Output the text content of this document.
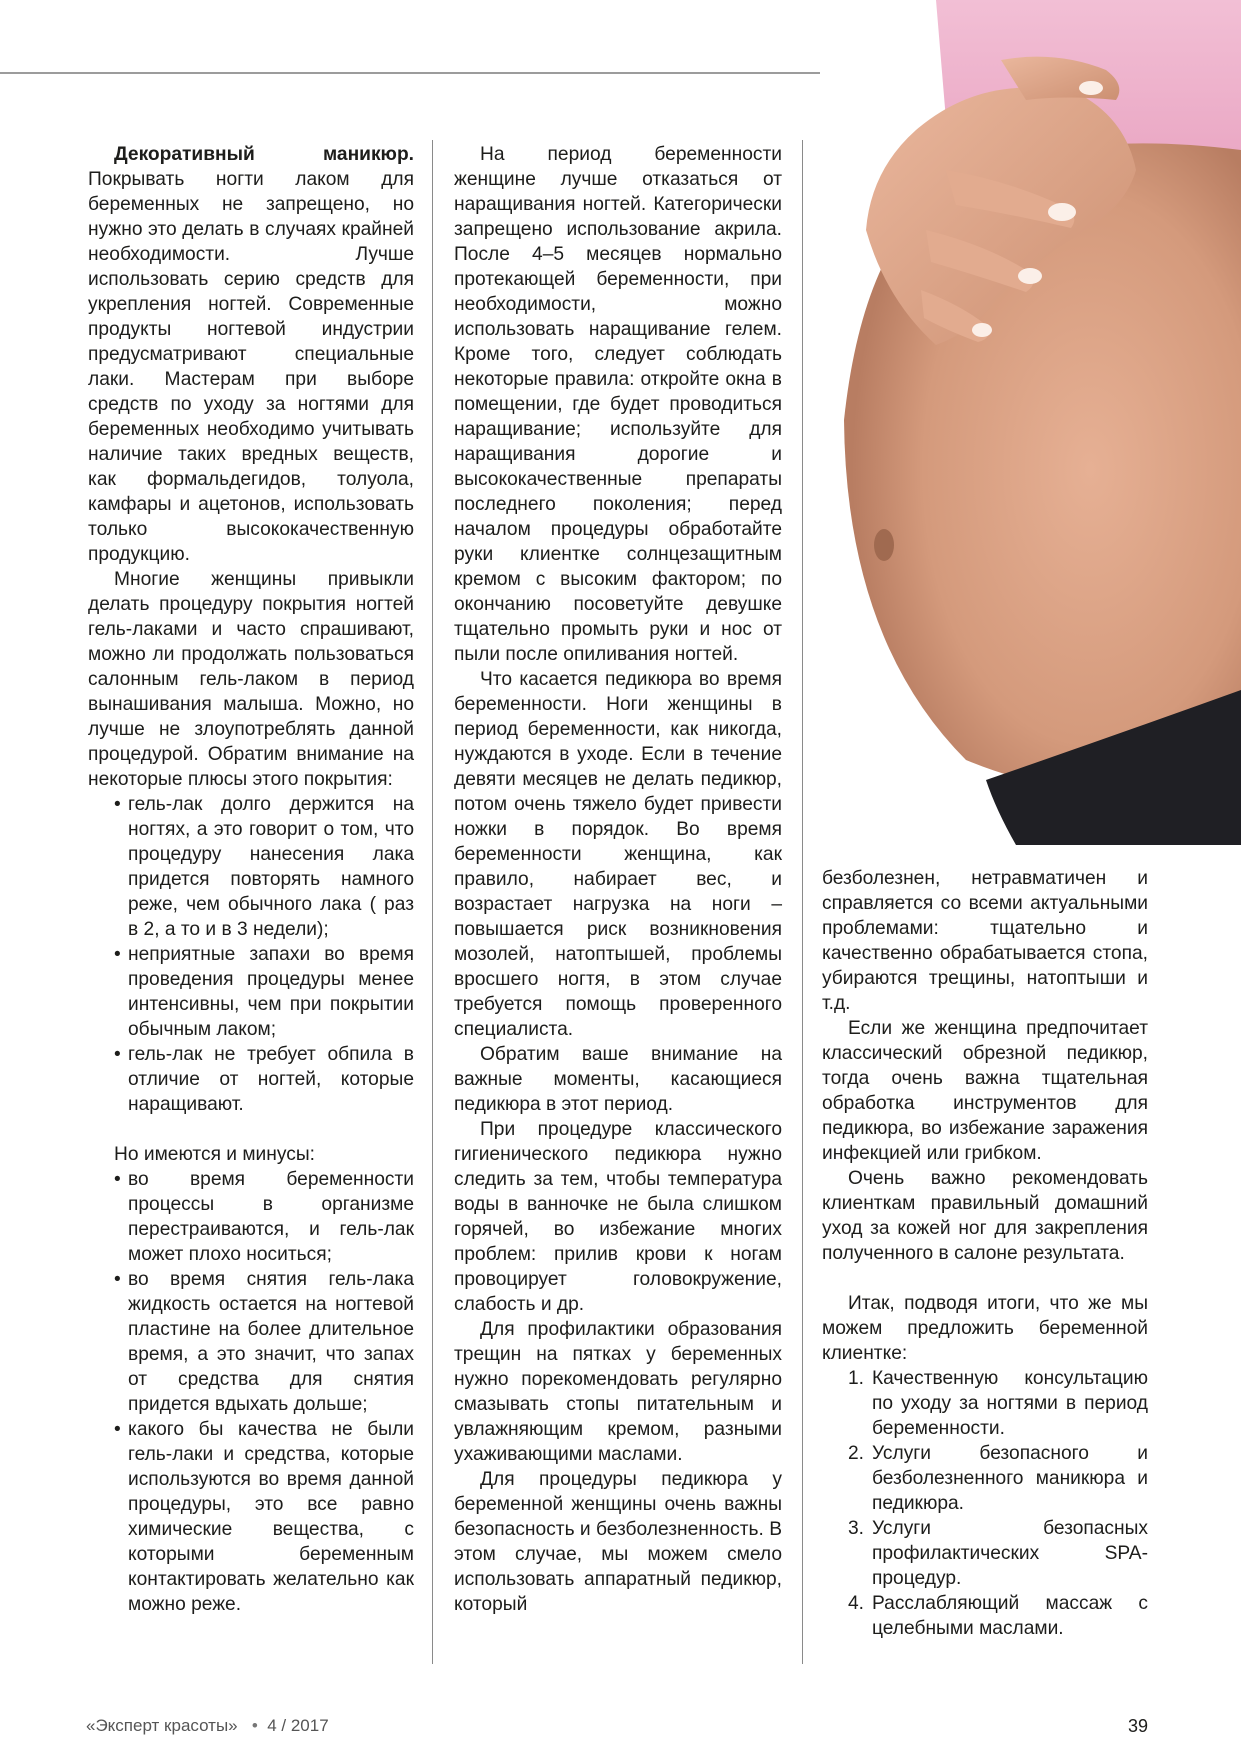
Декоративный маникюр. Покрывать ногти лаком для беременных не запрещено, но нужно это делать в случаях крайней необходимости. Лучше использовать серию средств для укрепления ногтей. Современные продукты ногтевой индустрии предусматривают специальные лаки. Мастерам при выборе средств по уходу за ногтями для беременных необходимо учитывать наличие таких вредных веществ, как формальдегидов, толуола, камфары и ацетонов, использовать только высококачественную продукцию.

Многие женщины привыкли делать процедуру покрытия ногтей гель-лаками и часто спрашивают, можно ли продолжать пользоваться салонным гель-лаком в период вынашивания малыша. Можно, но лучше не злоупотреблять данной процедурой. Обратим внимание на некоторые плюсы этого покрытия:

• гель-лак долго держится на ногтях, а это говорит о том, что процедуру нанесения лака придется повторять намного реже, чем обычного лака ( раз в 2, а то и в 3 недели);
• неприятные запахи во время проведения процедуры менее интенсивны, чем при покрытии обычным лаком;
• гель-лак не требует обпила в отличие от ногтей, которые наращивают.

Но имеются и минусы:

• во время беременности процессы в организме перестраиваются, и гель-лак может плохо носиться;
• во время снятия гель-лака жидкость остается на ногтевой пластине на более длительное время, а это значит, что запах от средства для снятия придется вдыхать дольше;
• какого бы качества не были гель-лаки и средства, которые используются во время данной процедуры, это все равно химические вещества, с которыми беременным контактировать желательно как можно реже.

На период беременности женщине лучше отказаться от наращивания ногтей. Категорически запрещено использование акрила. После 4–5 месяцев нормально протекающей беременности, при необходимости, можно использовать наращивание гелем. Кроме того, следует соблюдать некоторые правила: откройте окна в помещении, где будет проводиться наращивание; используйте для наращивания дорогие и высококачественные препараты последнего поколения; перед началом процедуры обработайте руки клиентке солнцезащитным кремом с высоким фактором; по окончанию посоветуйте девушке тщательно промыть руки и нос от пыли после опиливания ногтей.

Что касается педикюра во время беременности. Ноги женщины в период беременности, как никогда, нуждаются в уходе. Если в течение девяти месяцев не делать педикюр, потом очень тяжело будет привести ножки в порядок. Во время беременности женщина, как правило, набирает вес, и возрастает нагрузка на ноги – повышается риск возникновения мозолей, натоптышей, проблемы вросшего ногтя, в этом случае требуется помощь проверенного специалиста.

Обратим ваше внимание на важные моменты, касающиеся педикюра в этот период.

При процедуре классического гигиенического педикюра нужно следить за тем, чтобы температура воды в ванночке не была слишком горячей, во избежание многих проблем: прилив крови к ногам провоцирует головокружение, слабость и др.

Для профилактики образования трещин на пятках у беременных нужно порекомендовать регулярно смазывать стопы питательным и увлажняющим кремом, разными ухаживающими маслами.

Для процедуры педикюра у беременной женщины очень важны безопасность и безболезненность. В этом случае, мы можем смело использовать аппаратный педикюр, который

безболезнен, нетравматичен и справляется со всеми актуальными проблемами: тщательно и качественно обрабатывается стопа, убираются трещины, натоптыши и т.д.

Если же женщина предпочитает классический обрезной педикюр, тогда очень важна тщательная обработка инструментов для педикюра, во избежание заражения инфекцией или грибком.

Очень важно рекомендовать клиенткам правильный домашний уход за кожей ног для закрепления полученного в салоне результата.

Итак, подводя итоги, что же мы можем предложить беременной клиентке:

1. Качественную консультацию по уходу за ногтями в период беременности.
2. Услуги безопасного и безболезненного маникюра и педикюра.
3. Услуги безопасных профилактических SPA-процедур.
4. Расслабляющий массаж с целебными маслами.
«Эксперт красоты» • 4 / 2017	39
